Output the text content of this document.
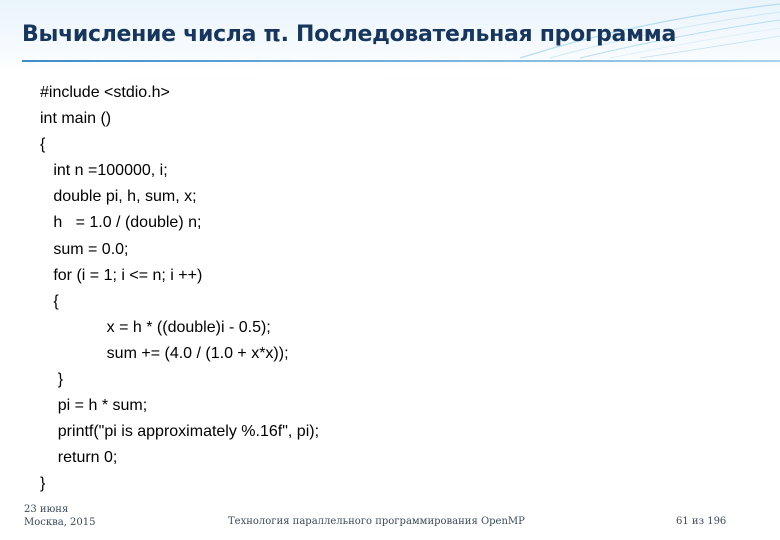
Вычисление числа π. Последовательная программа
#include <stdio.h>
int main ()
{
int n =100000, i;
double pi, h, sum, x;
h   = 1.0 / (double) n;
sum = 0.0;
for (i = 1; i <= n; i ++)
{
x = h * ((double)i - 0.5);
sum += (4.0 / (1.0 + x*x));
}
pi = h * sum;
printf("pi is approximately %.16f", pi);
return 0;
}
23 июня
Москва, 2015	Технология параллельного программирования OpenMP	61 из 196
